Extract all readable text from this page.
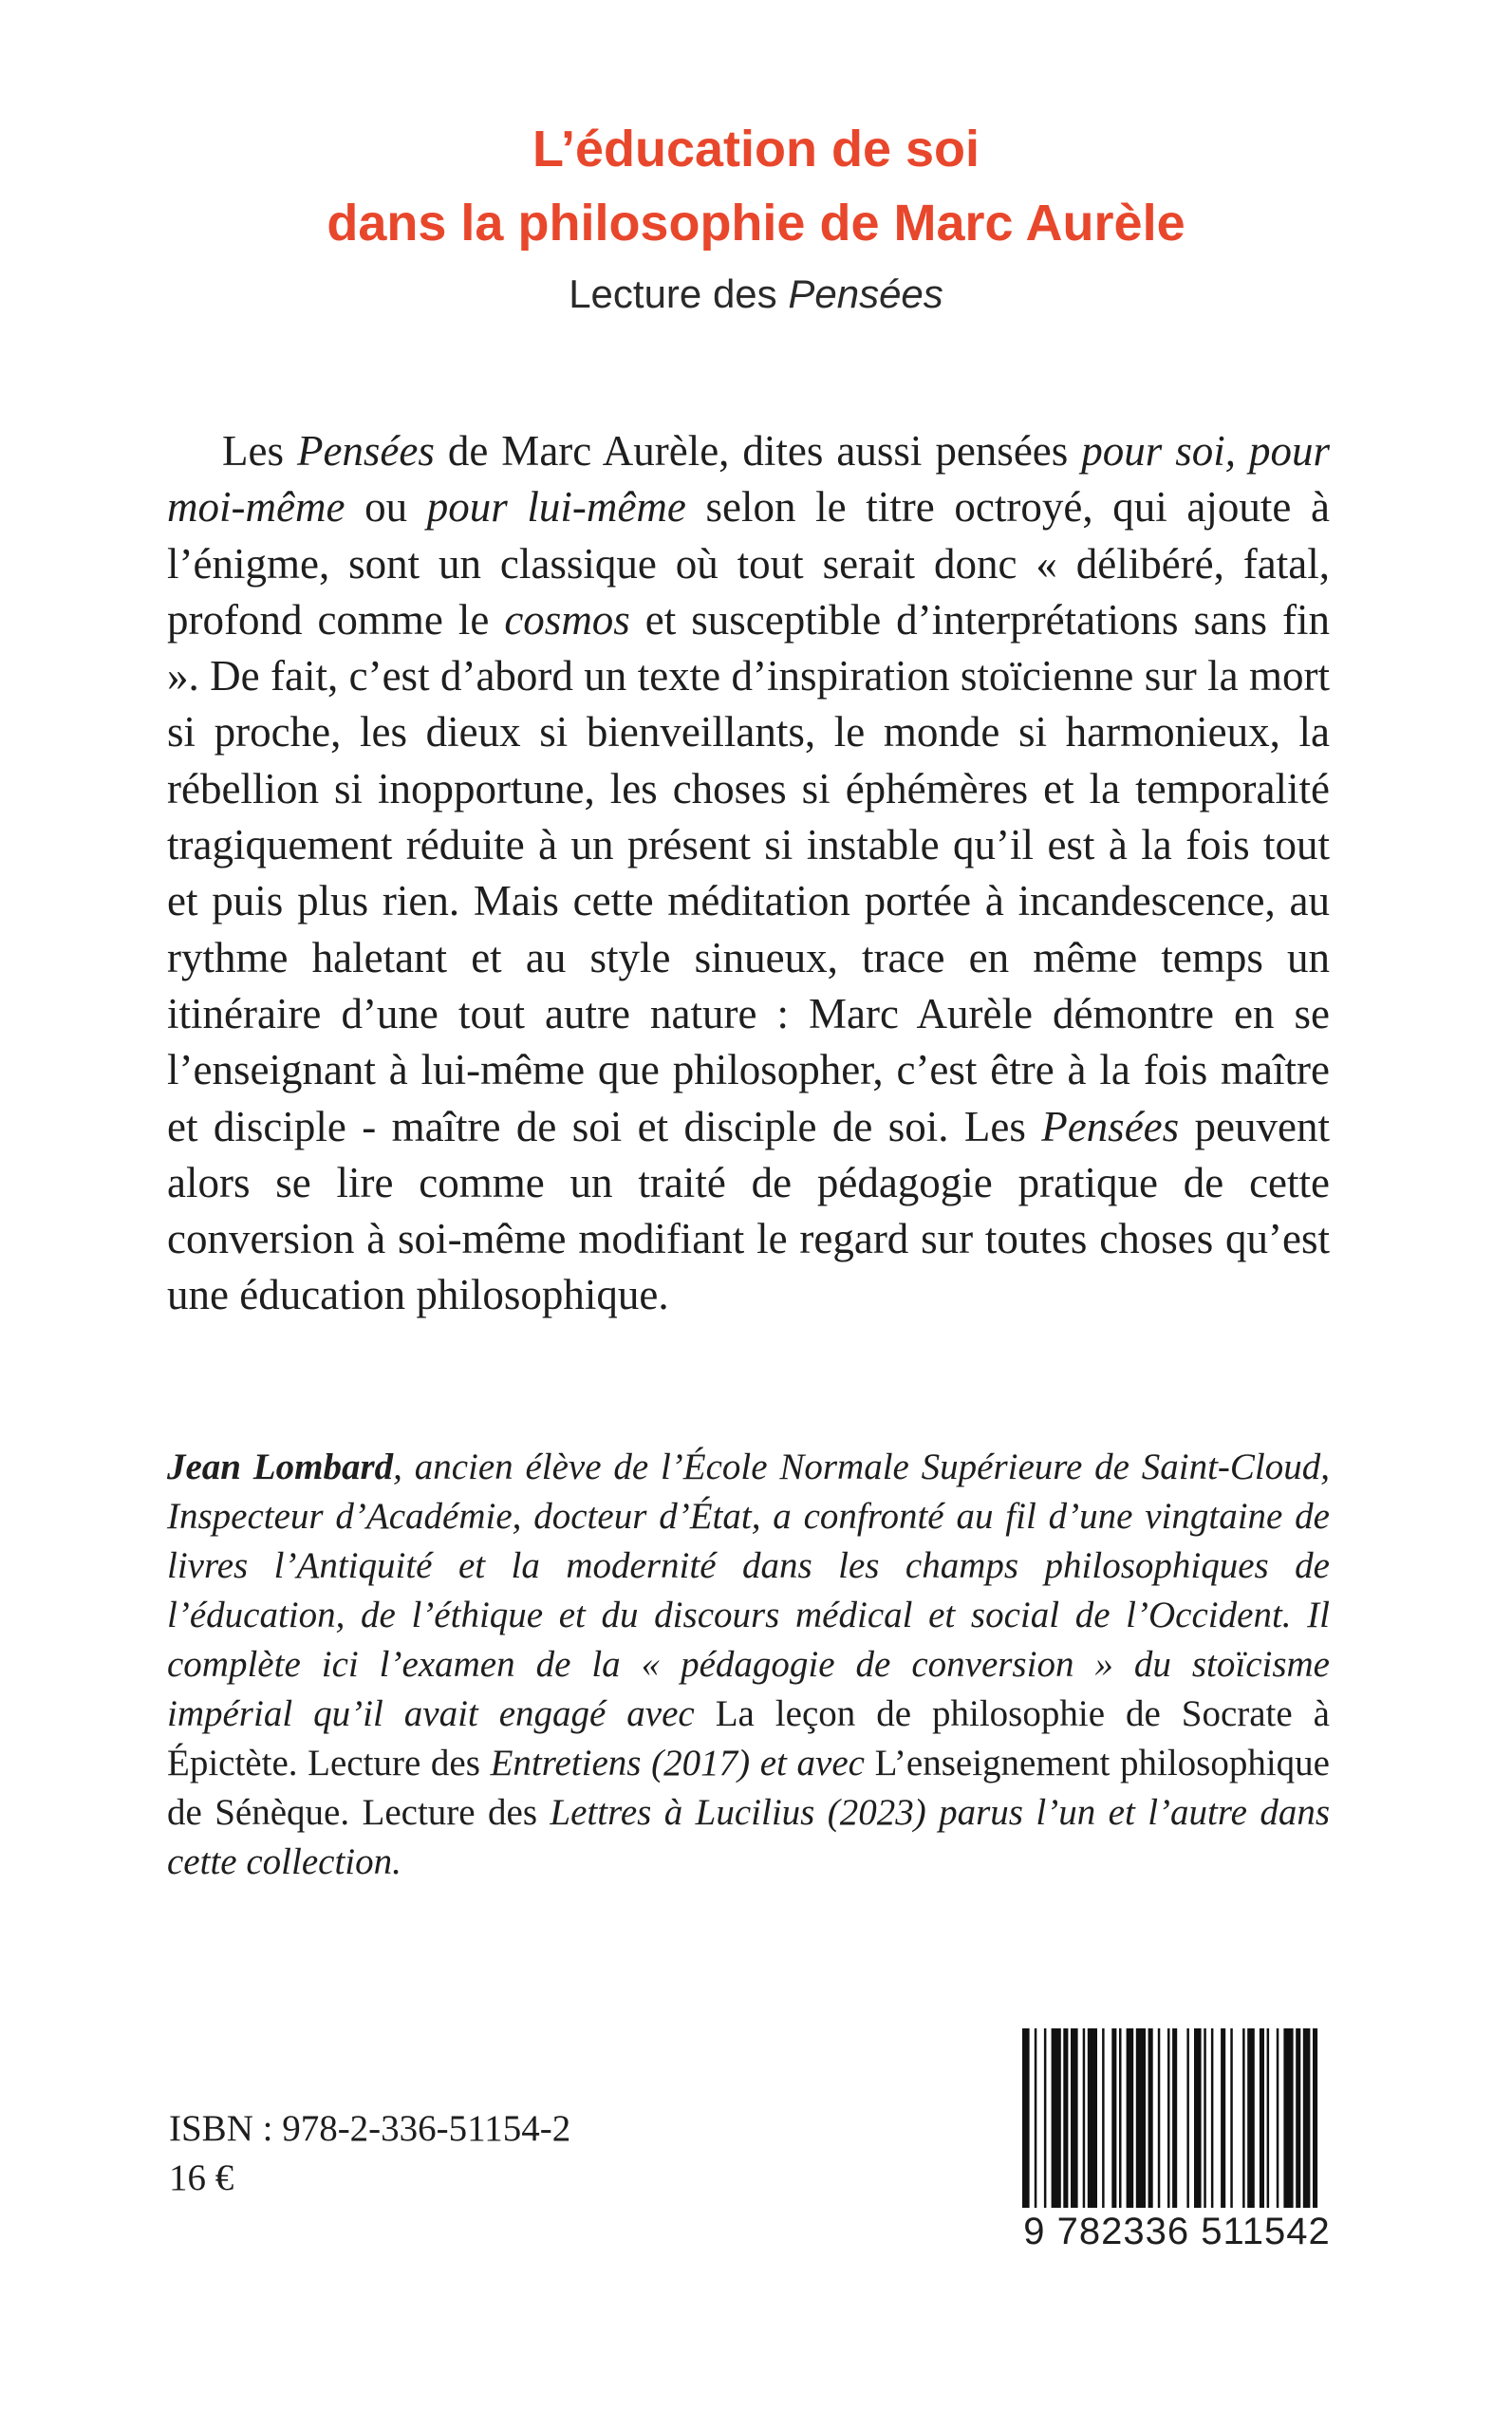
L’éducation de soi
dans la philosophie de Marc Aurèle
Lecture des Pensées

Les Pensées de Marc Aurèle, dites aussi pensées pour soi, pour moi-même ou pour lui-même selon le titre octroyé, qui ajoute à l’énigme, sont un classique où tout serait donc « délibéré, fatal, profond comme le cosmos et susceptible d’interprétations sans fin ». De fait, c’est d’abord un texte d’inspiration stoïcienne sur la mort si proche, les dieux si bienveillants, le monde si harmonieux, la rébellion si inopportune, les choses si éphémères et la temporalité tragiquement réduite à un présent si instable qu’il est à la fois tout et puis plus rien. Mais cette méditation portée à incandescence, au rythme haletant et au style sinueux, trace en même temps un itinéraire d’une tout autre nature : Marc Aurèle démontre en se l’enseignant à lui-même que philosopher, c’est être à la fois maître et disciple - maître de soi et disciple de soi. Les Pensées peuvent alors se lire comme un traité de pédagogie pratique de cette conversion à soi-même modifiant le regard sur toutes choses qu’est une éducation philosophique.

Jean Lombard, ancien élève de l’École Normale Supérieure de Saint-Cloud, Inspecteur d’Académie, docteur d’État, a confronté au fil d’une vingtaine de livres l’Antiquité et la modernité dans les champs philosophiques de l’éducation, de l’éthique et du discours médical et social de l’Occident. Il complète ici l’examen de la « pédagogie de conversion » du stoïcisme impérial qu’il avait engagé avec La leçon de philosophie de Socrate à Épictète. Lecture des Entretiens (2017) et avec L’enseignement philosophique de Sénèque. Lecture des Lettres à Lucilius (2023) parus l’un et l’autre dans cette collection.

ISBN : 978-2-336-51154-2
16 €
9 782336 511542
